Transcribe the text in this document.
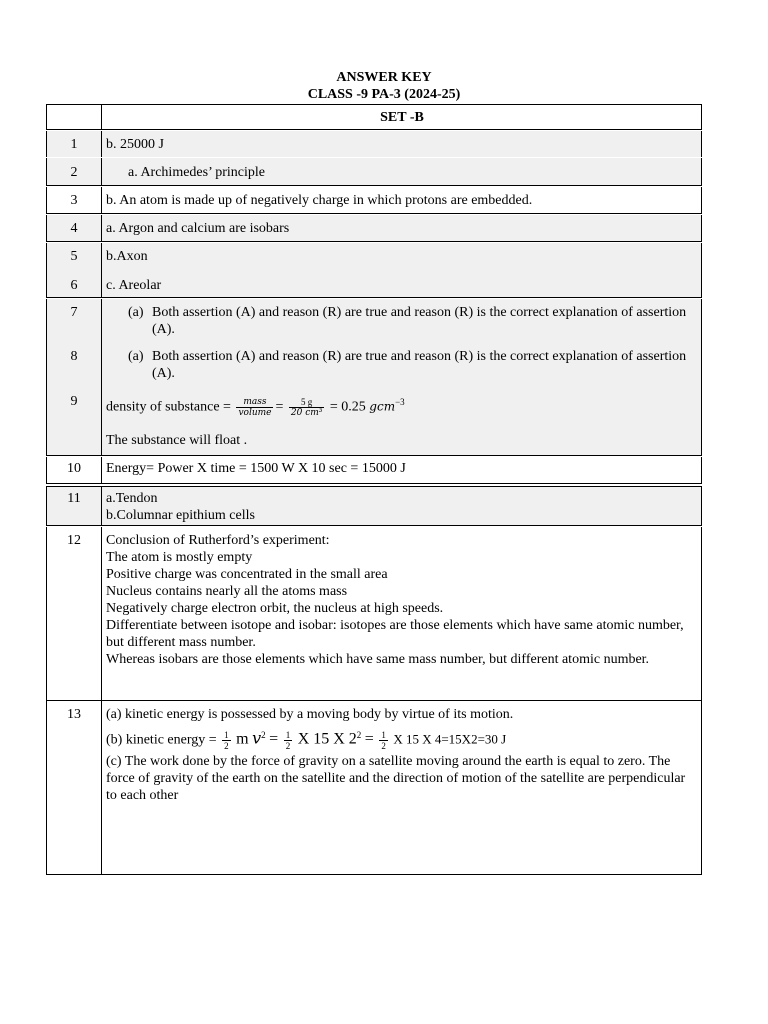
ANSWER KEY
CLASS -9 PA-3 (2024-25)
SET -B
1	b. 25000 J
2	a. Archimedes’ principle
3	b. An atom is made up of negatively charge in which protons are embedded.
4	a. Argon and calcium are isobars
5	b.Axon
6	c. Areolar
7	(a) Both assertion (A) and reason (R) are true and reason (R) is the correct explanation of assertion (A).
8	(a) Both assertion (A) and reason (R) are true and reason (R) is the correct explanation of assertion (A).
9	density of substance = $\frac{\text{mass}}{\text{volume}} = \frac{5 g}{\text{20 cm³}} = 0.25$ gcm$^{-3}$
The substance will float .
10	Energy= Power X time = 1500 W X 10 sec = 15000 J
11	a.Tendon
b.Columnar epithium cells
12	Conclusion of Rutherford’s experiment:
The atom is mostly empty
Positive charge was concentrated in the small area
Nucleus contains nearly all the atoms mass
Negatively charge electron orbit, the nucleus at high speeds.
Differentiate between isotope and isobar: isotopes are those elements which have same atomic number, but different mass number.
Whereas isobars are those elements which have same mass number, but different atomic number.
13	(a) kinetic energy is possessed by a moving body by virtue of its motion.
(b) kinetic energy = $\frac{1}{2}$ m $v^2 = \frac{1}{2}$ X 15 X $2^2 = \frac{1}{2}$ X 15 X 4=15X2=30 J
(c) The work done by the force of gravity on a satellite moving around the earth is equal to zero. The force of gravity of the earth on the satellite and the direction of motion of the satellite are perpendicular to each other
